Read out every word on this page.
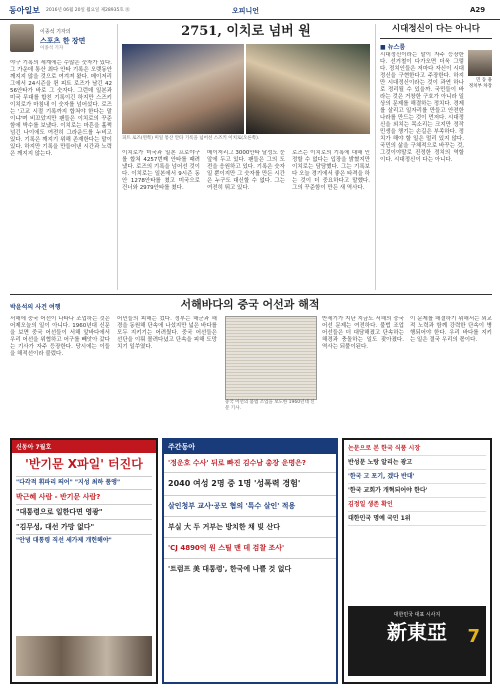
동아일보 2016년 06월 20일 월요일 제28935호 ㊌	오피니언	A29
이종석 기자의
스포츠 한 장면
이종석 기자
야구 기록의 세계에는 수많은 숫자가 있다. 그 가운데 통산 최다 안타 기록은 오랫동안 깨지지 않을 것으로 여겨져 왔다. 메이저리그에서 24시즌을 뛴 피트 로즈가 남긴 4256안타가 바로 그 숫자다. 그런데 일본과 미국 무대를 합친 기록이긴 하지만 스즈키 이치로가 마침내 이 숫자를 넘어섰다. 로즈는 '고교 시절 기록까지 합쳐야 한다는 말이냐'며 비꼬았지만 팬들은 이치로의 꾸준함에 박수를 보냈다. 이치로는 마흔을 훌쩍 넘긴 나이에도 여전히 그라운드를 누비고 있다. 기록은 깨지기 위해 존재한다는 말이 있다. 하지만 기록을 만들어낸 시간과 노력은 깨지지 않는다.
2751, 이치로 넘버 원
피트 로즈(왼쪽) 미일 통산 안타 기록을 넘어선 스즈키 이치로(오른쪽).
이치로가 미국과 일본 프로야구를 합쳐 4257번째 안타를 때려냈다. 로즈의 기록을 넘어선 것이다. 이치로는 일본에서 9시즌 동안 1278안타를 쳤고 미국으로 건너와 2979안타를 쳤다.
메이저리그 3000안타 달성도 눈앞에 두고 있다. 팬들은 그의 도전을 응원하고 있다. 기록은 숫자일 뿐이지만 그 숫자를 만든 시간은 누구도 대신할 수 없다. 그는 여전히 뛰고 있다.
로즈는 이치로의 기록에 대해 인정할 수 없다는 입장을 밝혔지만 이치로는 담담했다. 그는 기록보다 오늘 경기에서 좋은 타격을 하는 것이 더 중요하다고 말했다. 그의 꾸준함이 만든 새 역사다.
시대정신이 다는 아니다
■ 뉴스룸
민 동 용
정치부 차장
시대정신이라는 말이 자주 등장한다. 선거철이 다가오면 더욱 그렇다. 정치인들은 저마다 자신이 시대정신을 구현한다고 주장한다. 하지만 시대정신이라는 것이 과연 하나로 정리될 수 있을까. 국민들이 바라는 것은 거창한 구호가 아니라 일상의 문제를 해결하는 정치다. 경제를 살리고 일자리를 만들고 안전한 나라를 만드는 것이 먼저다. 시대정신을 외치는 목소리는 크지만 정작 민생을 챙기는 손길은 부족하다. 정치가 해야 할 일은 멀리 있지 않다. 국민의 삶을 구체적으로 바꾸는 것, 그것이야말로 진정한 정치의 역할이다. 시대정신이 다는 아니다.
박윤석의 사건 여행	서해바다의 중국 어선과 해적
서해에 중국 어선이 나타나 조업하는 것은 어제오늘의 일이 아니다. 1960년대 신문을 보면 중국 어선들이 서해 앞바다에서 우리 어선을 위협하고 어구를 빼앗아 갔다는 기사가 자주 등장한다. 당시에는 이들을 해적선이라 불렀다.
어민들의 피해는 컸다. 정부는 해군과 해경을 동원해 단속에 나섰지만 넓은 바다를 모두 지키기는 어려웠다. 중국 어선들은 선단을 이뤄 몰려다녔고 단속을 피해 도망치기 일쑤였다.
중국 어선의 불법 조업을 보도한 1960년대 신문 기사.
반세기가 지난 지금도 서해의 중국 어선 문제는 여전하다. 불법 조업 어선들은 더 대담해졌고 단속하는 해경과 충돌하는 일도 잦아졌다. 역사는 되풀이된다.
이 문제를 해결하기 위해서는 외교적 노력과 함께 강력한 단속이 병행되어야 한다. 우리 바다를 지키는 일은 결국 우리의 몫이다.
신동아 7월호
'반기문 X파일' 터진다
"다각적 휘파리 띄어" "지성 최하 품앵"
박근혜 사람 - 반기문 사람?
"대통령으로 일한다면 영광"
"김무성, 대선 가망 없다"
"안녕 대통령 직선 세가제 개헌해야"
주간동아
'정운호 수사' 뒤로 빠진 김수남 총장 운명은?
2040 여성 2명 중 1명 '성폭력 경험'
살인청부 교사·공모 혐의 '특수 살인' 적용
부실 大 두 거부는 방치한 채 빚 산다
'CJ 4890억 원 스틸 맨 데 검찰 조사'
'트럼프 美 대통령', 한국에 나쁠 것 없다
논문으로 본 한국 식품 시장
반성문 노랑 알리는 광고
'한국 고 포기, 겠다 반대'
'한국 교회가 개혁되어야 한다'
김정일 생존 확인
대한민국 명예 국민 1위
대한민국 대표 시사지
新東亞	7
